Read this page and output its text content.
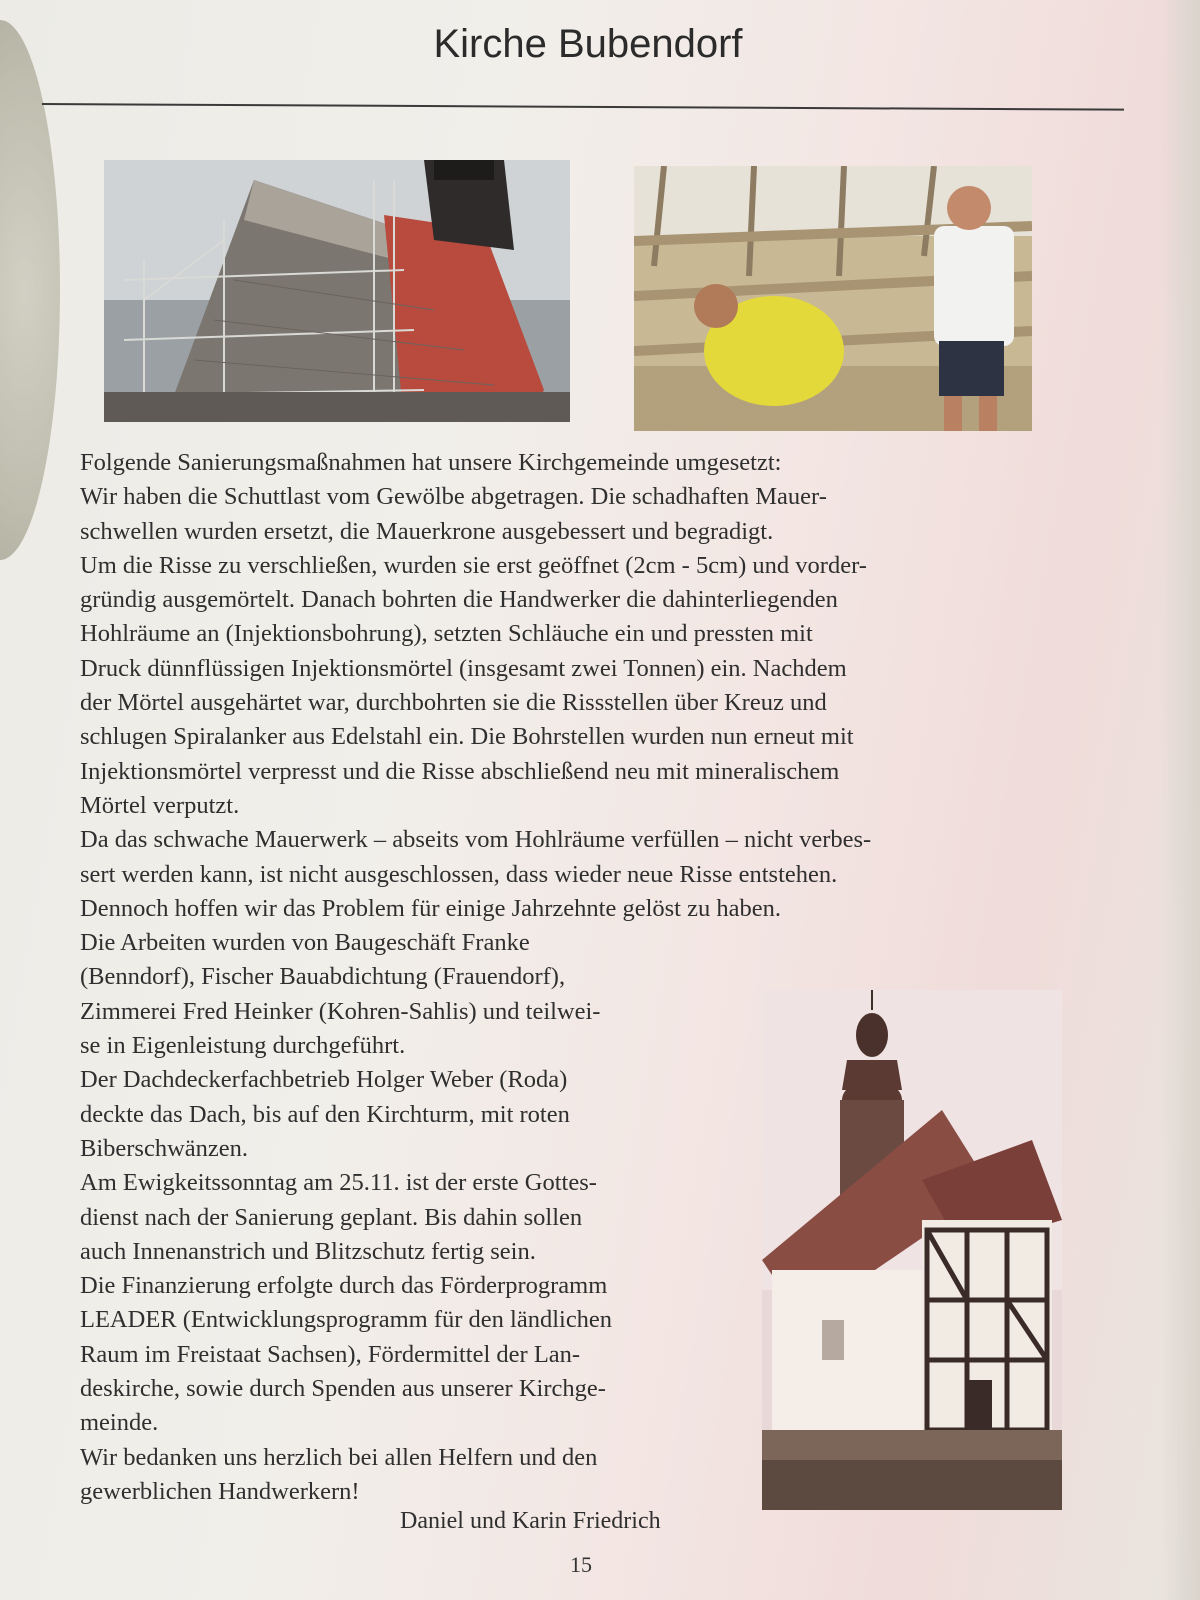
Kirche Bubendorf
Folgende Sanierungsmaßnahmen hat unsere Kirchgemeinde umgesetzt:
Wir haben die Schuttlast vom Gewölbe abgetragen. Die schadhaften Mauer-
schwellen wurden ersetzt, die Mauerkrone ausgebessert und begradigt.
Um die Risse zu verschließen, wurden sie erst geöffnet (2cm - 5cm) und vorder-
gründig ausgemörtelt. Danach bohrten die Handwerker die dahinterliegenden
Hohlräume an (Injektionsbohrung), setzten Schläuche ein und pressten mit
Druck dünnflüssigen Injektionsmörtel (insgesamt zwei Tonnen) ein. Nachdem
der Mörtel ausgehärtet war, durchbohrten sie die Rissstellen über Kreuz und
schlugen Spiralanker aus Edelstahl ein. Die Bohrstellen wurden nun erneut mit
Injektionsmörtel verpresst und die Risse abschließend neu mit mineralischem
Mörtel verputzt.
Da das schwache Mauerwerk – abseits vom Hohlräume verfüllen – nicht verbes-
sert werden kann, ist nicht ausgeschlossen, dass wieder neue Risse entstehen.
Dennoch hoffen wir das Problem für einige Jahrzehnte gelöst zu haben.
Die Arbeiten wurden von Baugeschäft Franke
(Benndorf), Fischer Bauabdichtung (Frauendorf),
Zimmerei Fred Heinker (Kohren-Sahlis) und teilwei-
se in Eigenleistung durchgeführt.
Der Dachdeckerfachbetrieb Holger Weber (Roda)
deckte das Dach, bis auf den Kirchturm, mit roten
Biberschwänzen.
Am Ewigkeitssonntag am 25.11. ist der erste Gottes-
dienst nach der Sanierung geplant. Bis dahin sollen
auch Innenanstrich und Blitzschutz fertig sein.
Die Finanzierung erfolgte durch das Förderprogramm
LEADER (Entwicklungsprogramm für den ländlichen
Raum im Freistaat Sachsen), Fördermittel der Lan-
deskirche, sowie durch Spenden aus unserer Kirchge-
meinde.
Wir bedanken uns herzlich bei allen Helfern und den
gewerblichen Handwerkern!
Daniel und Karin Friedrich
15
